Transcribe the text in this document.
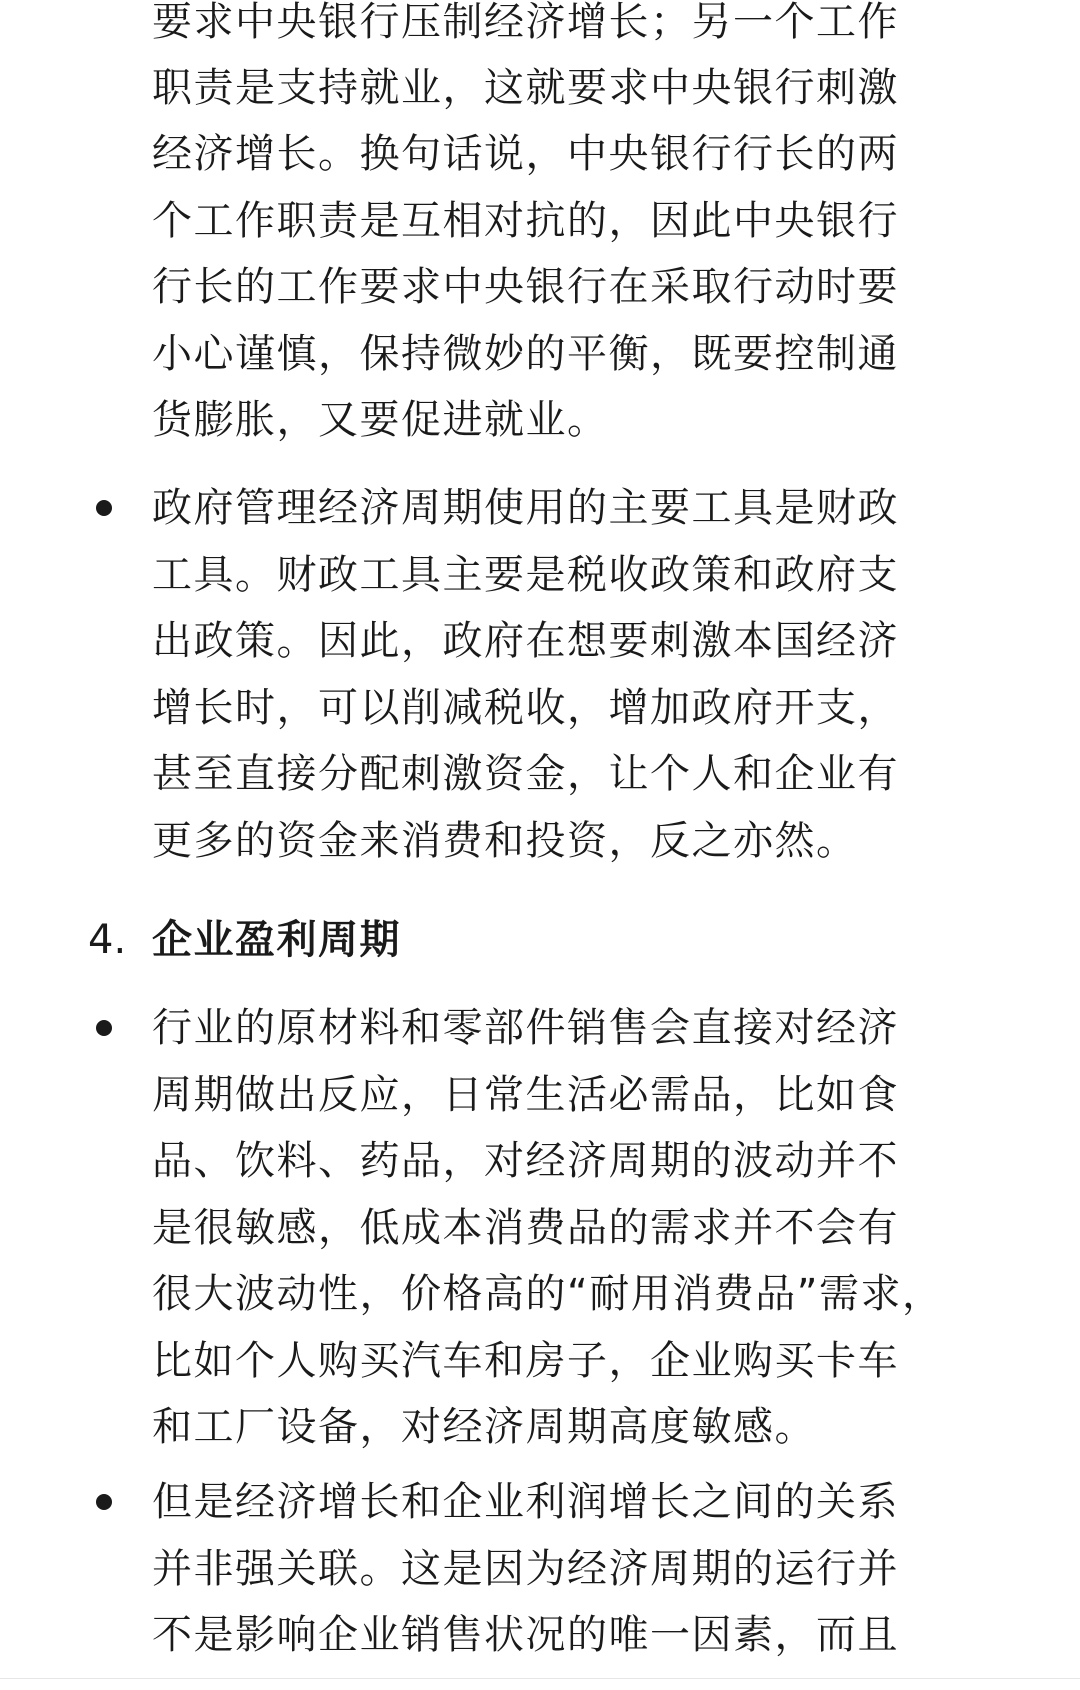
要求中央银行压制经济增长；另一个工作
职责是支持就业，这就要求中央银行刺激
经济增长。换句话说，中央银行行长的两
个工作职责是互相对抗的，因此中央银行
行长的工作要求中央银行在采取行动时要
小心谨慎，保持微妙的平衡，既要控制通
货膨胀，又要促进就业。
政府管理经济周期使用的主要工具是财政
工具。财政工具主要是税收政策和政府支
出政策。因此，政府在想要刺激本国经济
增长时，可以削减税收，增加政府开支，
甚至直接分配刺激资金，让个人和企业有
更多的资金来消费和投资，反之亦然。
4. 企业盈利周期
行业的原材料和零部件销售会直接对经济
周期做出反应，日常生活必需品，比如食
品、饮料、药品，对经济周期的波动并不
是很敏感，低成本消费品的需求并不会有
很大波动性，价格高的“耐用消费品”需求，
比如个人购买汽车和房子，企业购买卡车
和工厂设备，对经济周期高度敏感。
但是经济增长和企业利润增长之间的关系
并非强关联。这是因为经济周期的运行并
不是影响企业销售状况的唯一因素，而且
